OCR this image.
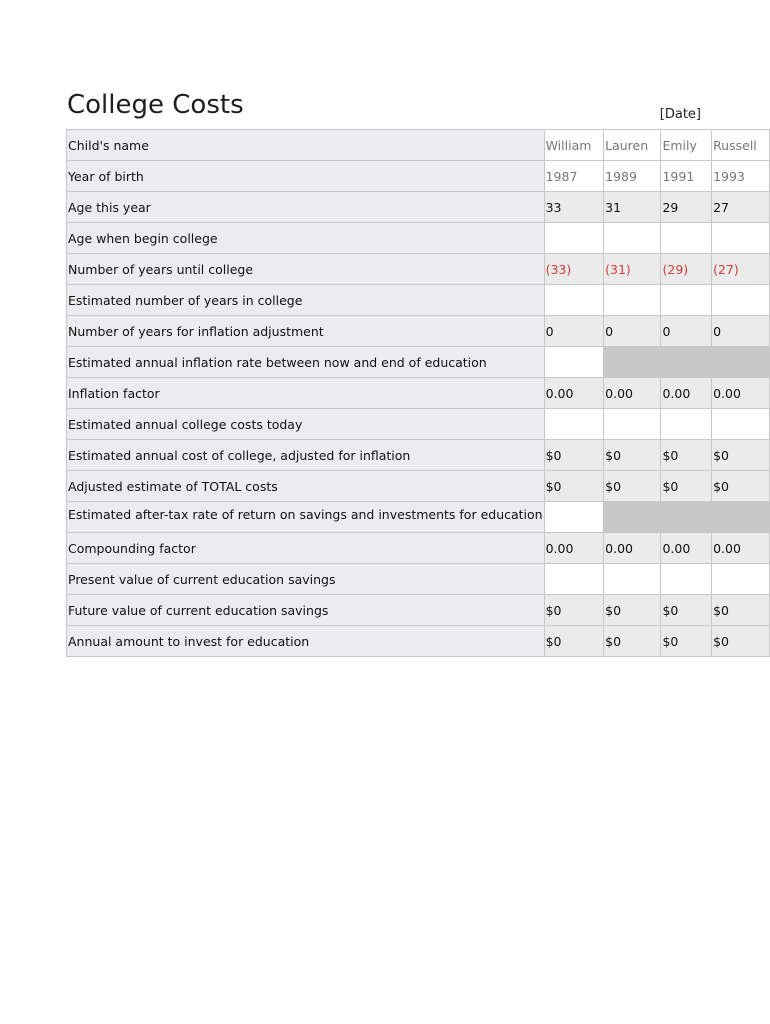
College Costs	[Date]
Child's name	William	Lauren	Emily	Russell
Year of birth	1987	1989	1991	1993
Age this year	33	31	29	27
Age when begin college				
Number of years until college	(33)	(31)	(29)	(27)
Estimated number of years in college				
Number of years for inflation adjustment	0	0	0	0
Estimated annual inflation rate between now and end of education				
Inflation factor	0.00	0.00	0.00	0.00
Estimated annual college costs today				
Estimated annual cost of college, adjusted for inflation	$0	$0	$0	$0
Adjusted estimate of TOTAL costs	$0	$0	$0	$0

Estimated after-tax rate of return on savings and investments for education				

Compounding factor	0.00	0.00	0.00	0.00
Present value of current education savings				
Future value of current education savings	$0	$0	$0	$0
Annual amount to invest for education	$0	$0	$0	$0
